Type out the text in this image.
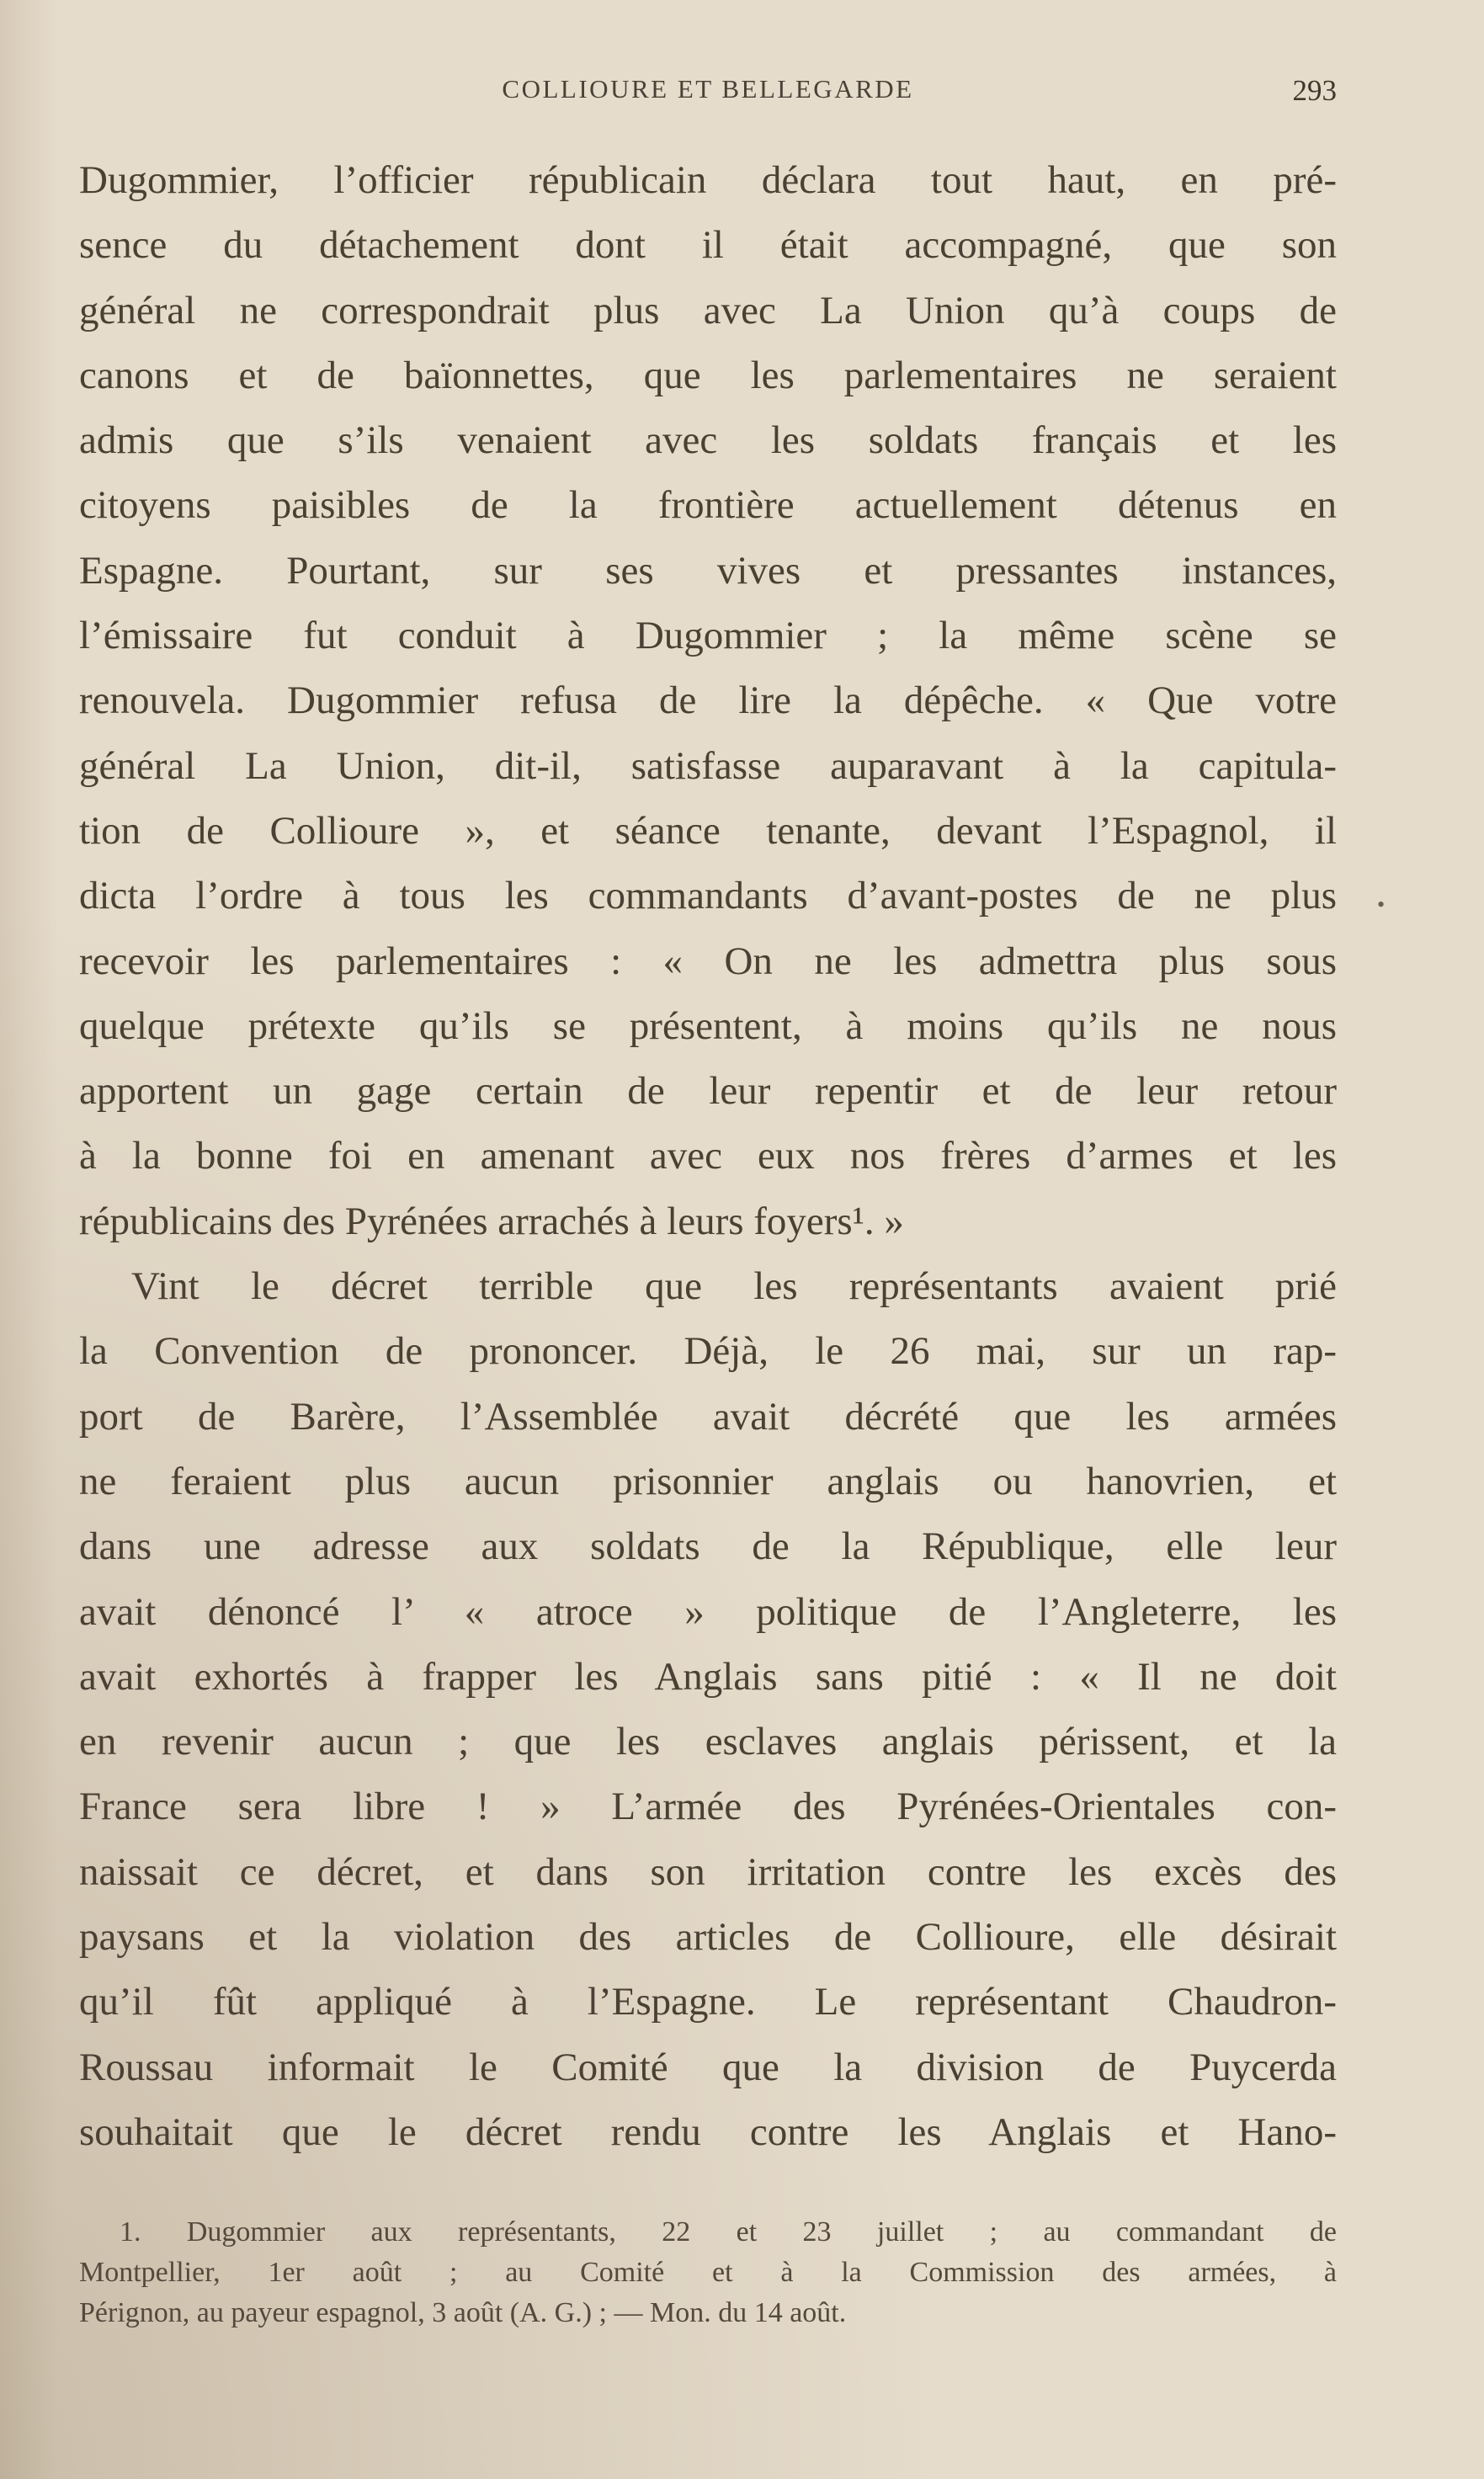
COLLIOURE ET BELLEGARDE	293
Dugommier, l’officier républicain déclara tout haut, en pré-
sence du détachement dont il était accompagné, que son
général ne correspondrait plus avec La Union qu’à coups de
canons et de baïonnettes, que les parlementaires ne seraient
admis que s’ils venaient avec les soldats français et les
citoyens paisibles de la frontière actuellement détenus en
Espagne. Pourtant, sur ses vives et pressantes instances,
l’émissaire fut conduit à Dugommier ; la même scène se
renouvela. Dugommier refusa de lire la dépêche. « Que votre
général La Union, dit-il, satisfasse auparavant à la capitula-
tion de Collioure », et séance tenante, devant l’Espagnol, il
dicta l’ordre à tous les commandants d’avant-postes de ne plus
recevoir les parlementaires : « On ne les admettra plus sous
quelque prétexte qu’ils se présentent, à moins qu’ils ne nous
apportent un gage certain de leur repentir et de leur retour
à la bonne foi en amenant avec eux nos frères d’armes et les
républicains des Pyrénées arrachés à leurs foyers¹. »
Vint le décret terrible que les représentants avaient prié
la Convention de prononcer. Déjà, le 26 mai, sur un rap-
port de Barère, l’Assemblée avait décrété que les armées
ne feraient plus aucun prisonnier anglais ou hanovrien, et
dans une adresse aux soldats de la République, elle leur
avait dénoncé l’ « atroce » politique de l’Angleterre, les
avait exhortés à frapper les Anglais sans pitié : « Il ne doit
en revenir aucun ; que les esclaves anglais périssent, et la
France sera libre ! » L’armée des Pyrénées-Orientales con-
naissait ce décret, et dans son irritation contre les excès des
paysans et la violation des articles de Collioure, elle désirait
qu’il fût appliqué à l’Espagne. Le représentant Chaudron-
Roussau informait le Comité que la division de Puycerda
souhaitait que le décret rendu contre les Anglais et Hano-
1. Dugommier aux représentants, 22 et 23 juillet ; au commandant de
Montpellier, 1er août ; au Comité et à la Commission des armées, à
Pérignon, au payeur espagnol, 3 août (A. G.) ; — Mon. du 14 août.
•
